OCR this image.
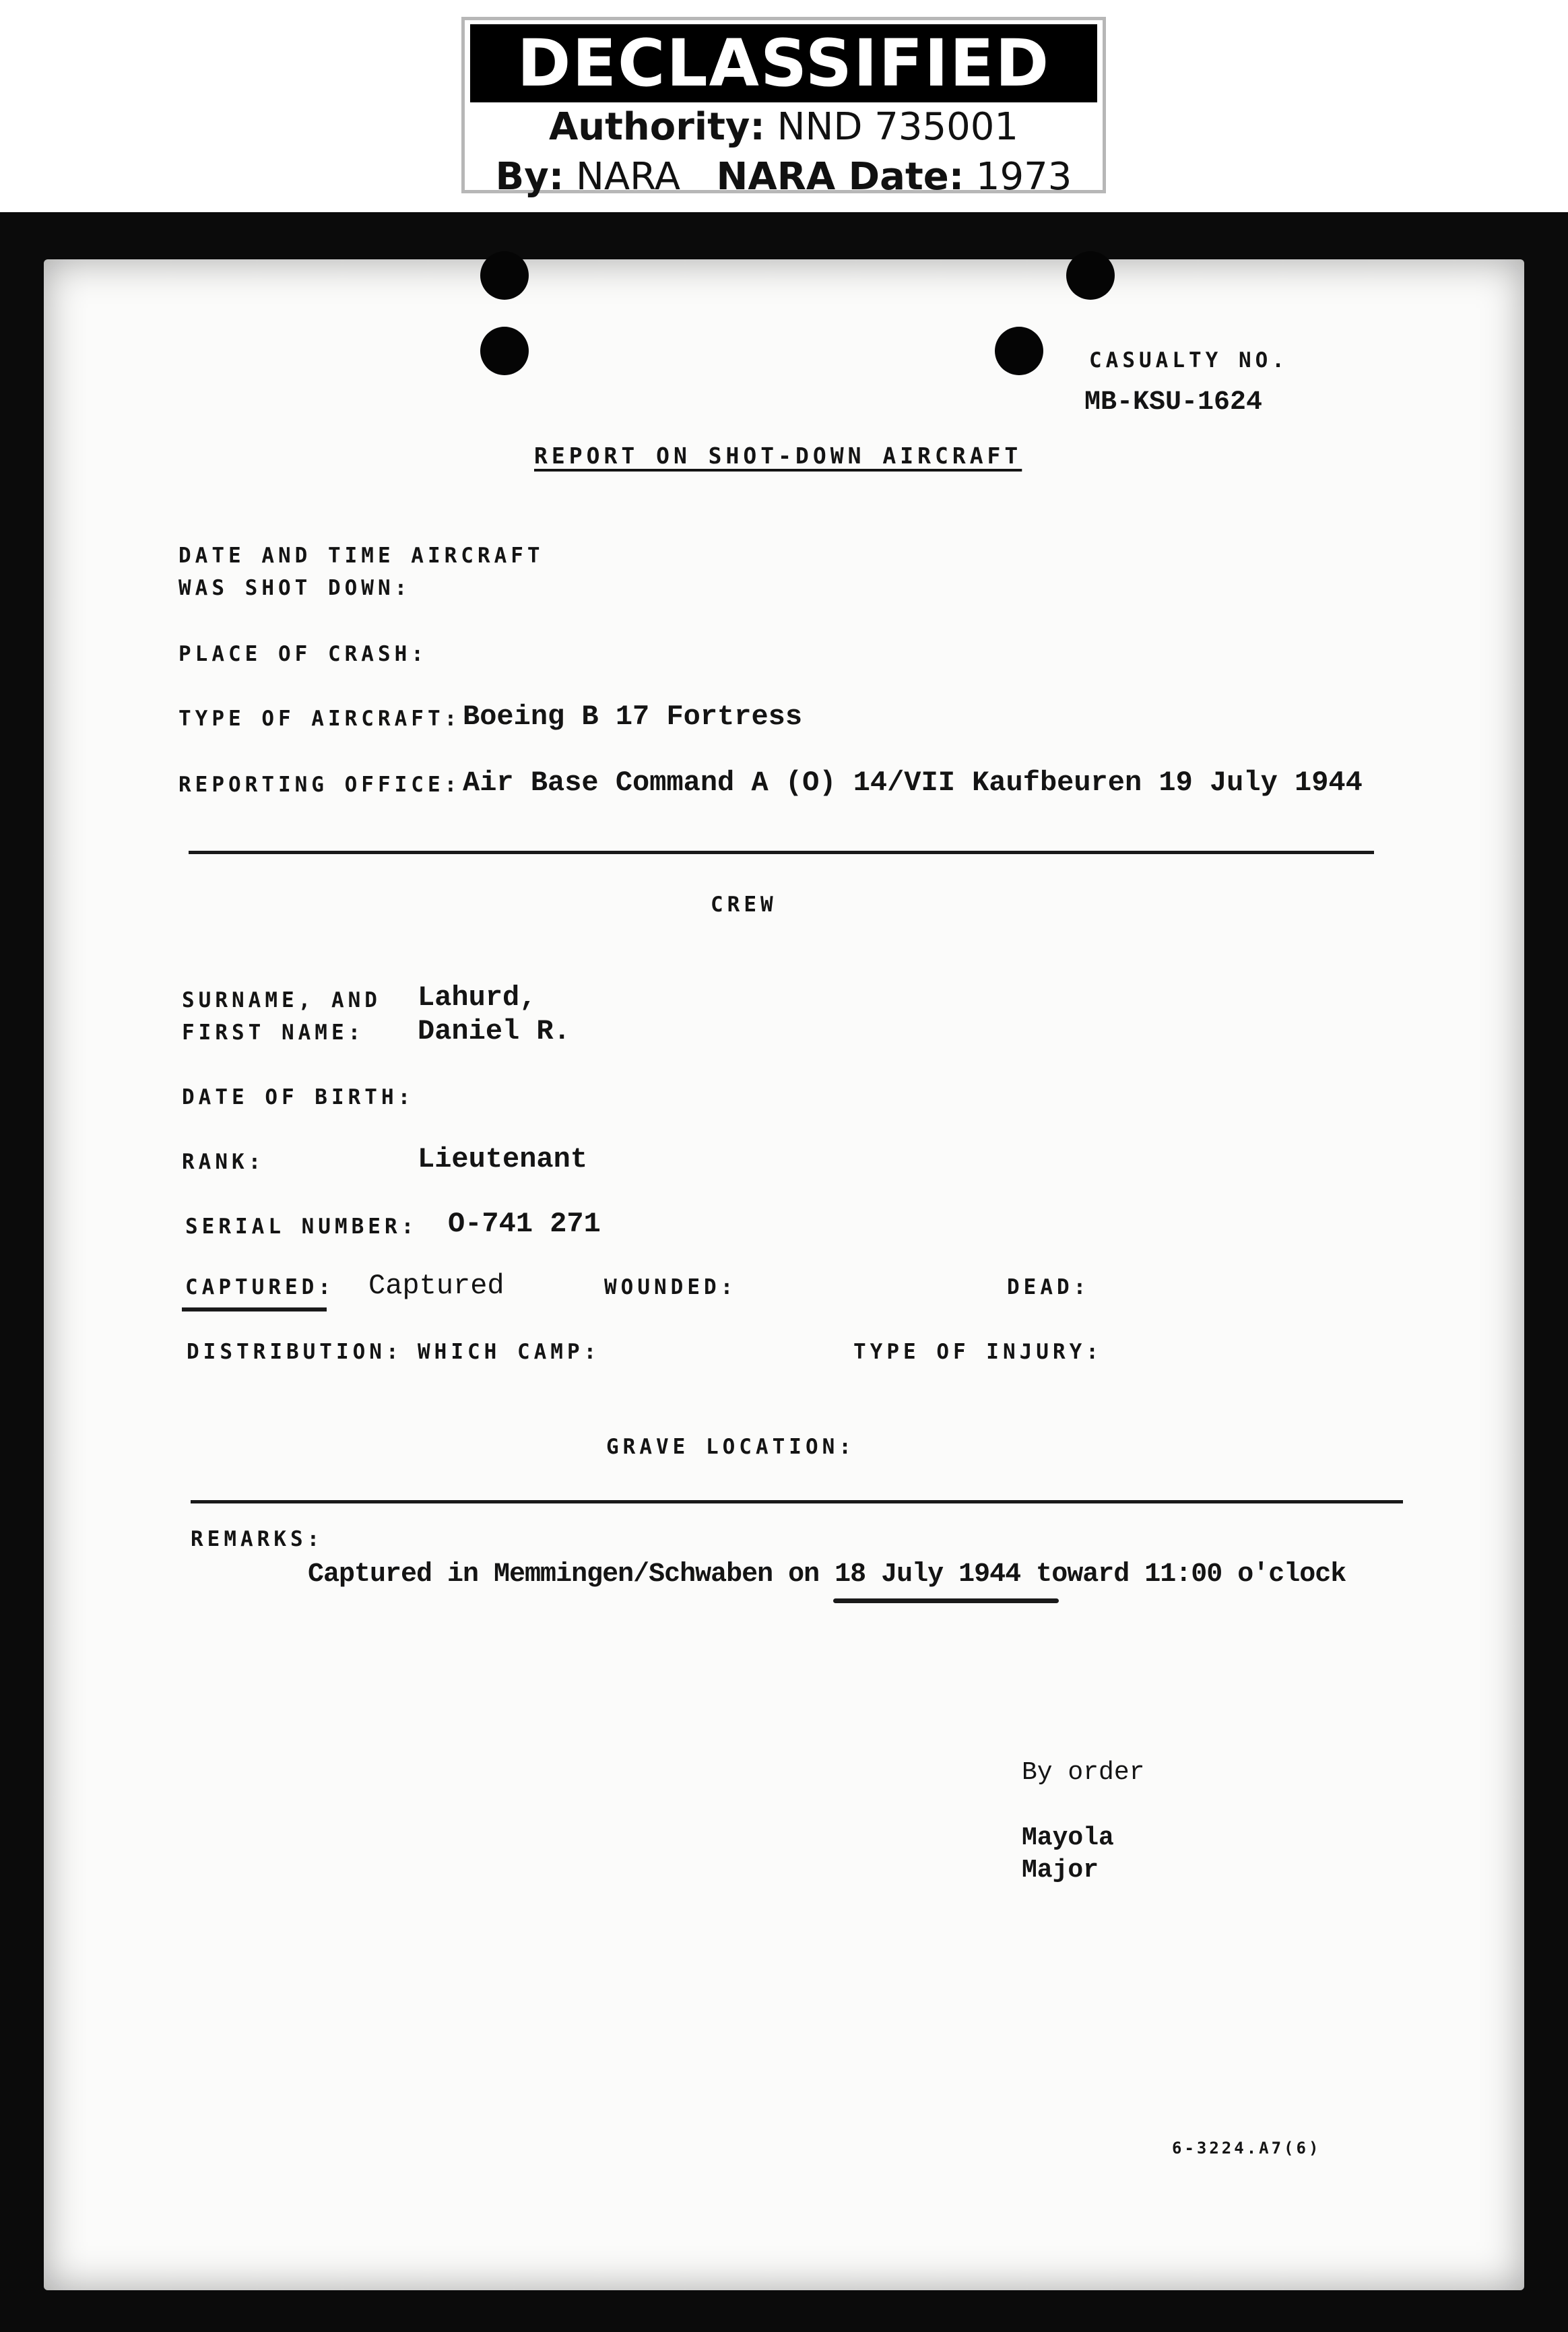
DECLASSIFIED
Authority: NND 735001
By: NARA NARA Date: 1973
CASUALTY NO.
MB-KSU-1624
REPORT ON SHOT-DOWN AIRCRAFT
DATE AND TIME AIRCRAFT
WAS SHOT DOWN:
PLACE OF CRASH:
TYPE OF AIRCRAFT: Boeing B 17 Fortress
REPORTING OFFICE: Air Base Command A (O) 14/VII Kaufbeuren 19 July 1944
CREW
SURNAME, AND
FIRST NAME:
Lahurd,
Daniel R.
DATE OF BIRTH:
RANK:	Lieutenant
SERIAL NUMBER: O-741 271
CAPTURED: Captured	WOUNDED:	DEAD:
DISTRIBUTION: WHICH CAMP:	TYPE OF INJURY:
GRAVE LOCATION:
REMARKS:
Captured in Memmingen/Schwaben on 18 July 1944 toward 11:00 o'clock
By order
Mayola
Major
6-3224.A7(6)
